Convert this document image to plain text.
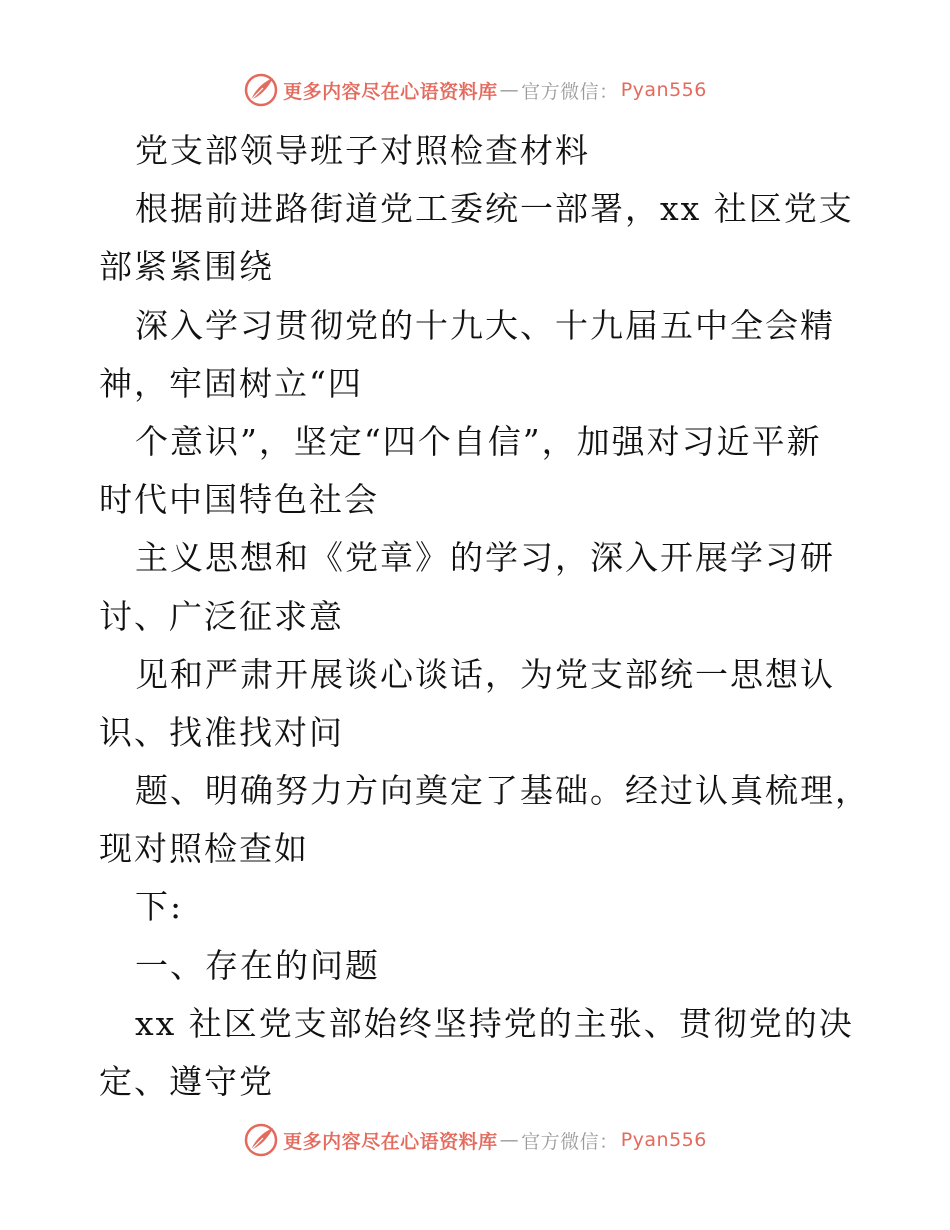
更多内容尽在心语资料库 — 官方微信： Pyan556
党支部领导班子对照检查材料
根据前进路街道党工委统一部署，xx 社区党支
部紧紧围绕
深入学习贯彻党的十九大、十九届五中全会精
神，牢固树立“四
个意识”，坚定“四个自信”，加强对习近平新
时代中国特色社会
主义思想和《党章》的学习，深入开展学习研
讨、广泛征求意
见和严肃开展谈心谈话，为党支部统一思想认
识、找准找对问
题、明确努力方向奠定了基础。经过认真梳理，
现对照检查如
下:
一、存在的问题
xx 社区党支部始终坚持党的主张、贯彻党的决
定、遵守党
更多内容尽在心语资料库 — 官方微信： Pyan556
